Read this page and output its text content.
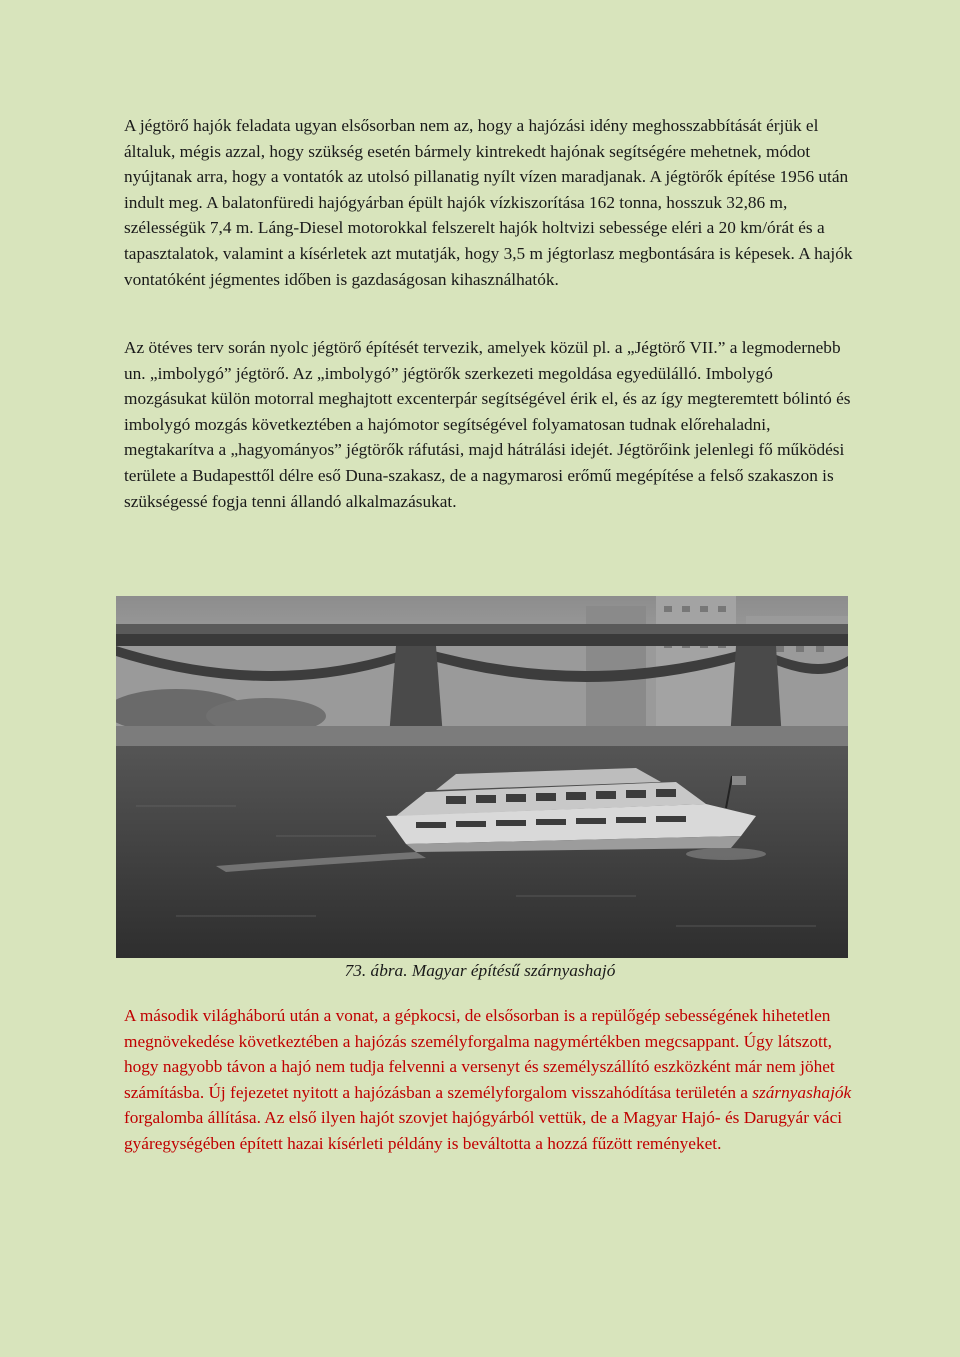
A jégtörő hajók feladata ugyan elsősorban nem az, hogy a hajózási idény meghosszabbítását érjük el általuk, mégis azzal, hogy szükség esetén bármely kintrekedt hajónak segítségére mehetnek, módot nyújtanak arra, hogy a vontatók az utolsó pillanatig nyílt vízen maradjanak. A jégtörők építése 1956 után indult meg. A balatonfüredi hajógyárban épült hajók vízkiszorítása 162 tonna, hosszuk 32,86 m, szélességük 7,4 m. Láng-Diesel motorokkal felszerelt hajók holtvizi sebessége eléri a 20 km/órát és a tapasztalatok, valamint a kísérletek azt mutatják, hogy 3,5 m jégtorlasz megbontására is képesek. A hajók vontatóként jégmentes időben is gazdaságosan kihasználhatók.

Az ötéves terv során nyolc jégtörő építését tervezik, amelyek közül pl. a „Jégtörő VII.” a legmodernebb un. „imbolygó” jégtörő. Az „imbolygó” jégtörők szerkezeti megoldása egyedülálló. Imbolygó mozgásukat külön motorral meghajtott excenterpár segítségével érik el, és az így megteremtett bólintó és imbolygó mozgás következtében a hajómotor segítségével folyamatosan tudnak előrehaladni, megtakarítva a „hagyományos” jégtörők ráfutási, majd hátrálási idejét. Jégtörőink jelenlegi fő működési területe a Budapesttől délre eső Duna-szakasz, de a nagymarosi erőmű megépítése a felső szakaszon is szükségessé fogja tenni állandó alkalmazásukat.

73. ábra. Magyar építésű szárnyashajó

A második világháború után a vonat, a gépkocsi, de elsősorban is a repülőgép sebességének hihetetlen megnövekedése következtében a hajózás személyforgalma nagymértékben megcsappant. Úgy látszott, hogy nagyobb távon a hajó nem tudja felvenni a versenyt és személyszállító eszközként már nem jöhet számításba. Új fejezetet nyitott a hajózásban a személyforgalom visszahódítása területén a szárnyashajók forgalomba állítása. Az első ilyen hajót szovjet hajógyárból vettük, de a Magyar Hajó- és Darugyár váci gyáregységében épített hazai kísérleti példány is beváltotta a hozzá fűzött reményeket.
